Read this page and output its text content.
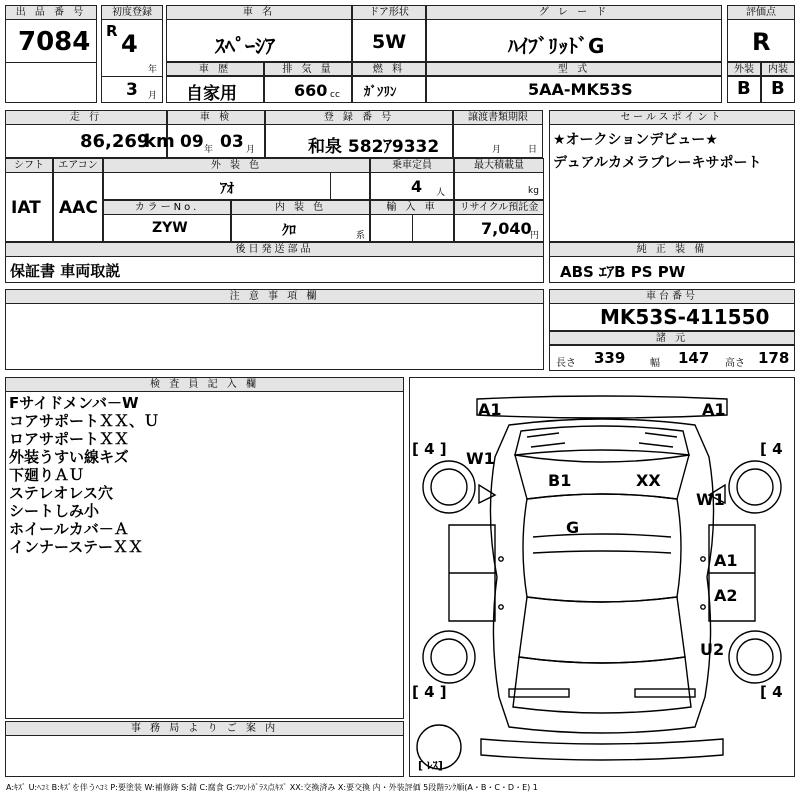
出 品 番 号
7084
初度登録
R 4
年
3 月
車 名
ｽﾍﾟｰｼｱ
ドア形状
5W
グ レ ー ド
ﾊｲﾌﾞﾘｯﾄﾞG
車 歴
自家用
排 気 量
660 cc
燃 料
ｶﾞｿﾘﾝ
型 式
5AA-MK53S
評価点
R
外装	内装
B B
走 行
86,269
km
車 検
09 年 03 月
登 録 番 号
和泉 582ｱ9332
譲渡書類期限
月	日
シフト
IAT
エアコン
AAC
外 装 色
ｱｵ
乗車定員
4 人
最大積載量
kg
カラーNo.
ZYW
内 装 色
ｸﾛ	系
輸 入 車	リサイクル預託金
7,040
円
セールスポイント
★オークションデビュー★
デュアルカメラブレーキサポート
後日発送部品
保証書 車両取説
純 正 装 備
ABS ｴｱB PS PW
注 意 事 項 欄	車台番号
MK53S-411550
諸 元
長さ 339 幅 147 高さ 178
検 査 員 記 入 欄
Fサイドメンバ－W
コアサポートＸＸ、Ｕ
ロアサポートＸＸ
外装うすい線キズ
下廻りＡＵ
ステレオレス穴
シートしみ小
ホイールカバ－Ａ
インナーステーＸＸ
事 務 局 よ り ご 案 内
A1	A1
W1
W1
B1	XX
G
A1
A2
U2
[ 4 ]	[ 4
[ 4 ]	[ 4
[ ﾚｽ]
A:ｷｽﾞ U:ﾍｺﾐ B:ｷｽﾞを伴うﾍｺﾐ P:要塗装 W:補修跡 S:錆 C:腐食 G:ﾌﾛﾝﾄｶﾞﾗｽ点ｷｽﾞ XX:交換済み X:要交換 内・外装評価 5段階ﾗﾝｸ順(A・B・C・D・E) 1
